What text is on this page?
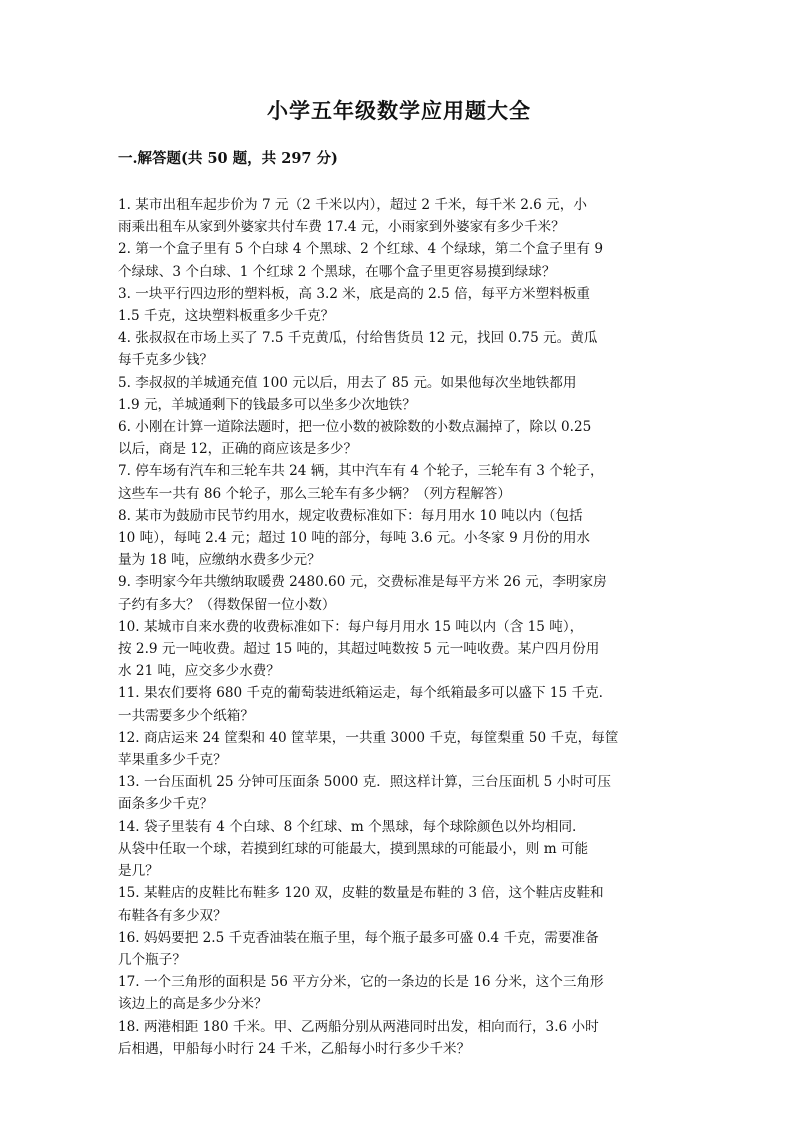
小学五年级数学应用题大全
一.解答题(共 50 题，共 297 分)
1. 某市出租车起步价为 7 元（2 千米以内），超过 2 千米，每千米 2.6 元，小
雨乘出租车从家到外婆家共付车费 17.4 元，小雨家到外婆家有多少千米？
2. 第一个盒子里有 5 个白球 4 个黑球、2 个红球、4 个绿球，第二个盒子里有 9
个绿球、3 个白球、1 个红球 2 个黑球，在哪个盒子里更容易摸到绿球？
3. 一块平行四边形的塑料板，高 3.2 米，底是高的 2.5 倍，每平方米塑料板重
1.5 千克，这块塑料板重多少千克？
4. 张叔叔在市场上买了 7.5 千克黄瓜，付给售货员 12 元，找回 0.75 元。黄瓜
每千克多少钱？
5. 李叔叔的羊城通充值 100 元以后，用去了 85 元。如果他每次坐地铁都用
1.9 元，羊城通剩下的钱最多可以坐多少次地铁？
6. 小刚在计算一道除法题时，把一位小数的被除数的小数点漏掉了，除以 0.25
以后，商是 12，正确的商应该是多少？
7. 停车场有汽车和三轮车共 24 辆，其中汽车有 4 个轮子，三轮车有 3 个轮子，
这些车一共有 86 个轮子，那么三轮车有多少辆？（列方程解答）
8. 某市为鼓励市民节约用水，规定收费标准如下：每月用水 10 吨以内（包括
10 吨），每吨 2.4 元；超过 10 吨的部分，每吨 3.6 元。小冬家 9 月份的用水
量为 18 吨，应缴纳水费多少元？
9. 李明家今年共缴纳取暖费 2480.60 元，交费标准是每平方米 26 元，李明家房
子约有多大？（得数保留一位小数）
10. 某城市自来水费的收费标准如下：每户每月用水 15 吨以内（含 15 吨），
按 2.9 元一吨收费。超过 15 吨的，其超过吨数按 5 元一吨收费。某户四月份用
水 21 吨，应交多少水费？
11. 果农们要将 680 千克的葡萄装进纸箱运走，每个纸箱最多可以盛下 15 千克.
一共需要多少个纸箱？
12. 商店运来 24 筐梨和 40 筐苹果，一共重 3000 千克，每筐梨重 50 千克，每筐
苹果重多少千克？
13. 一台压面机 25 分钟可压面条 5000 克．照这样计算，三台压面机 5 小时可压
面条多少千克？
14. 袋子里装有 4 个白球、8 个红球、m 个黑球，每个球除颜色以外均相同.
从袋中任取一个球，若摸到红球的可能最大，摸到黑球的可能最小，则 m 可能
是几？
15. 某鞋店的皮鞋比布鞋多 120 双，皮鞋的数量是布鞋的 3 倍，这个鞋店皮鞋和
布鞋各有多少双？
16. 妈妈要把 2.5 千克香油装在瓶子里，每个瓶子最多可盛 0.4 千克，需要准备
几个瓶子？
17. 一个三角形的面积是 56 平方分米，它的一条边的长是 16 分米，这个三角形
该边上的高是多少分米？
18. 两港相距 180 千米。甲、乙两船分别从两港同时出发，相向而行，3.6 小时
后相遇，甲船每小时行 24 千米，乙船每小时行多少千米？
